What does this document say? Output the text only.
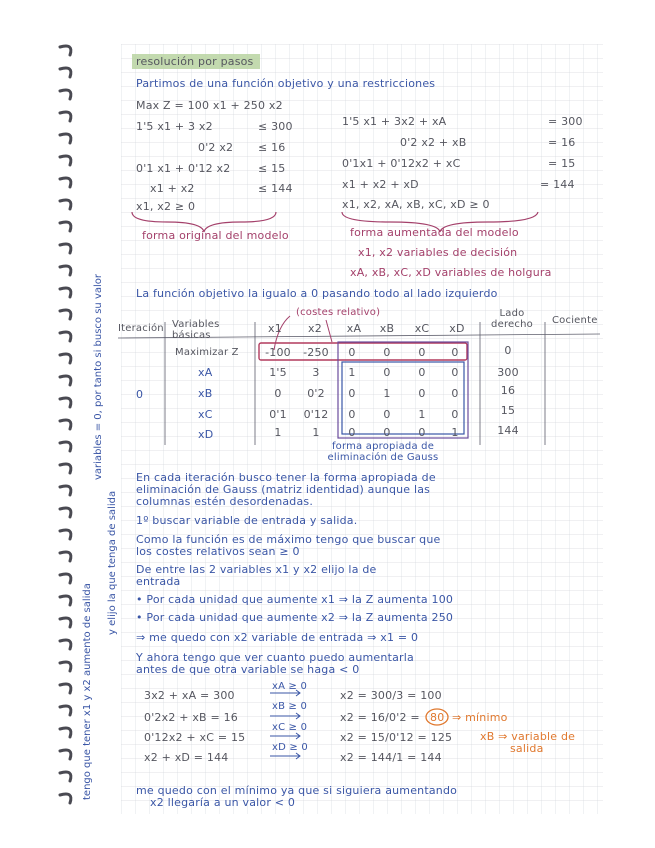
resolución por pasos
Partimos de una función objetivo y una restricciones
Max Z = 100 x1 + 250 x2
1'5 x1 + 3 x2	≤ 300
0'2 x2 ≤ 16
0'1 x1 + 0'12 x2	≤ 15
x1 + x2	≤ 144
x1, x2 ≥ 0
forma original del modelo
1'5 x1 + 3x2 + xA	= 300
0'2 x2 + xB	= 16
0'1x1 + 0'12x2 + xC	= 15
x1 + x2 + xD	= 144
x1, x2, xA, xB, xC, xD ≥ 0
forma aumentada del modelo
x1, x2 variables de decisión
xA, xB, xC, xD variables de holgura
La función objetivo la igualo a 0 pasando todo al lado izquierdo
(costes relativo)
Iteración Variables básicas
x1	x2	xA	xB	xC	xD
Lado derecho	Cociente
0
Maximizar Z	-100	-250	0	0	0	0	0
xA	1'5	3	1	0	0	0	300
xB	0	0'2	0	1	0	0	16
xC	0'1	0'12	0	0	1	0	15
xD	1	1	0	0	0	1	144
forma apropiada de eliminación de Gauss
En cada iteración busco tener la forma apropiada de
eliminación de Gauss (matriz identidad) aunque las
columnas estén desordenadas.
1º buscar variable de entrada y salida.
Como la función es de máximo tengo que buscar que
los costes relativos sean ≥ 0
De entre las 2 variables x1 y x2 elijo la de
entrada
• Por cada unidad que aumente x1 ⇒ la Z aumenta 100
• Por cada unidad que aumente x2 ⇒ la Z aumenta 250
⇒ me quedo con x2 variable de entrada ⇒ x1 = 0
Y ahora tengo que ver cuanto puedo aumentarla
antes de que otra variable se haga < 0
3x2 + xA = 300
xA ≥ 0
x2 = 300/3 = 100
0'2x2 + xB = 16
xB ≥ 0
x2 = 16/0'2 = 80 ⇒ mínimo
0'12x2 + xC = 15
xC ≥ 0
x2 = 15/0'12 = 125
x2 + xD = 144
xD ≥ 0
x2 = 144/1 = 144
xB ⇒ variable de
salida
me quedo con el mínimo ya que si siguiera aumentando
x2 llegaría a un valor < 0
variables = 0, por tanto si busco su valor
y elijo la que tenga de salida
tengo que tener x1 y x2 aumento de salida
